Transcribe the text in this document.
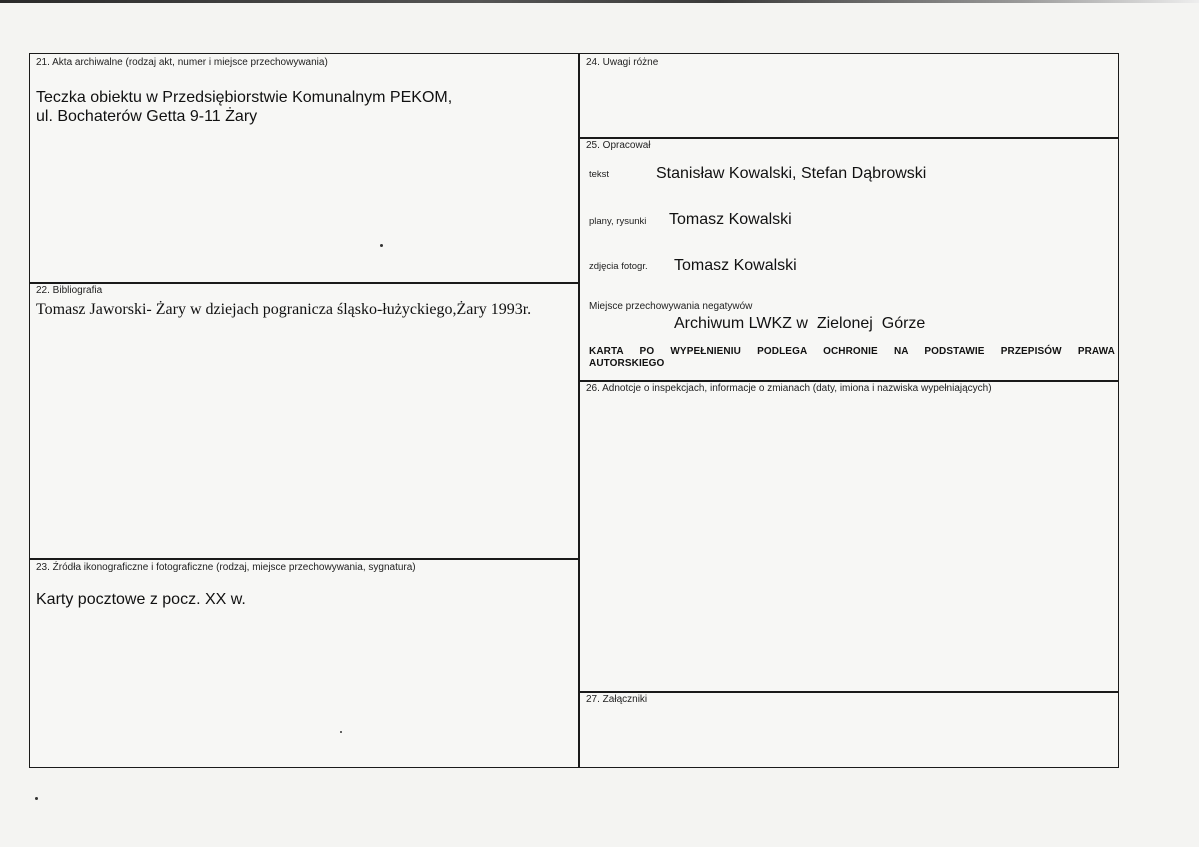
21. Akta archiwalne (rodzaj akt, numer i miejsce przechowywania)
Teczka obiektu w Przedsiębiorstwie Komunalnym PEKOM,
ul. Bochaterów Getta 9-11 Żary
22. Bibliografia
Tomasz Jaworski- Żary w dziejach pogranicza śląsko-łużyckiego,Żary 1993r.
23. Źródła ikonograficzne i fotograficzne (rodzaj, miejsce przechowywania, sygnatura)
Karty pocztowe z pocz. XX w.
24. Uwagi różne
25. Opracował
tekst	Stanisław Kowalski, Stefan Dąbrowski
plany, rysunki Tomasz Kowalski
zdjęcia fotogr. Tomasz Kowalski
Miejsce przechowywania negatywów
Archiwum LWKZ w  Zielonej  Górze
KARTA PO WYPEŁNIENIU PODLEGA OCHRONIE NA PODSTAWIE PRZEPISÓW PRAWA
AUTORSKIEGO
26. Adnotcje o inspekcjach, informacje o zmianach (daty, imiona i nazwiska wypełniających)
27. Załączniki
